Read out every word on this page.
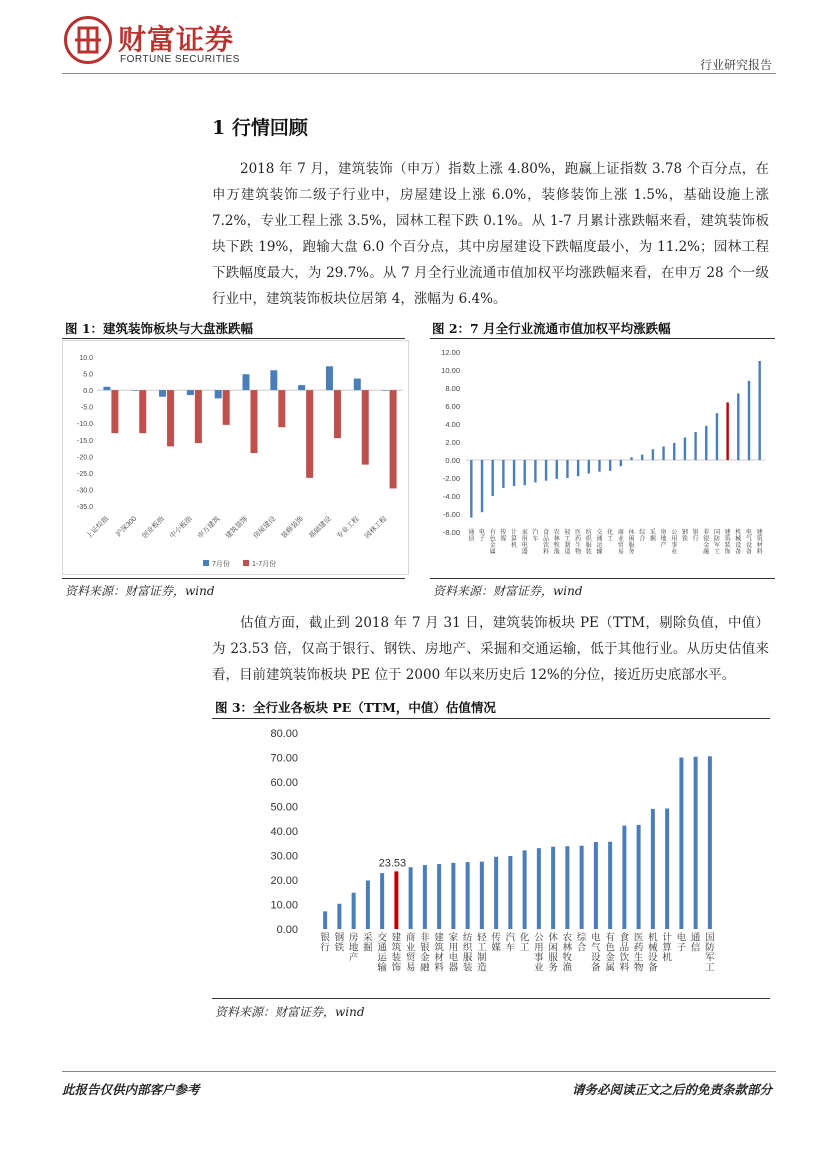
财富证券
FORTUNE SECURITIES	行业研究报告
1 行情回顾

2018 年 7 月，建筑装饰（申万）指数上涨 4.80%，跑赢上证指数 3.78 个百分点，在申万建筑装饰二级子行业中，房屋建设上涨 6.0%，装修装饰上涨 1.5%，基础设施上涨 7.2%，专业工程上涨 3.5%，园林工程下跌 0.1%。从 1-7 月累计涨跌幅来看，建筑装饰板块下跌 19%，跑输大盘 6.0 个百分点，其中房屋建设下跌幅度最小，为 11.2%；园林工程下跌幅度最大，为 29.7%。从 7 月全行业流通市值加权平均涨跌幅来看，在申万 28 个一级行业中，建筑装饰板块位居第 4，涨幅为 6.4%。

图 1：建筑装饰板块与大盘涨跌幅
10.0
5.0
0.0
-5.0
-10.0
-15.0
-20.0
-25.0
-30.0
-35.0
上证综指 沪深300 创业板指 中小板指 申万建筑 建筑装饰 房屋建设 装修装饰 基础建设 专业工程 园林工程
7月份	1-7月份
资料来源：财富证券，wind
图 2：7 月全行业流通市值加权平均涨跌幅
12.00
10.00
8.00
6.00
4.00
2.00
0.00
-2.00
-4.00
-6.00
-8.00 通信
电子
有色金属
传媒
计算机
家用电器
汽车
食品饮料
农林牧渔
轻工制造
医药生物
纺织服装
交通运输
化工
商业贸易
休闲服务
综合
采掘
房地产
公用事业
钢铁
银行
非银金融
国防军工
建筑装饰
机械设备
电气设备
建筑材料
资料来源：财富证券，wind

估值方面，截止到 2018 年 7 月 31 日，建筑装饰板块 PE（TTM，剔除负值，中值）为 23.53 倍，仅高于银行、钢铁、房地产、采掘和交通运输，低于其他行业。从历史估值来看，目前建筑装饰板块 PE 位于 2000 年以来历史后 12%的分位，接近历史底部水平。

图 3：全行业各板块 PE（TTM，中值）估值情况
80.00
70.00
60.00
50.00
40.00
30.00
20.00
10.00
0.00
银行
钢铁
房地产
采掘
交通运输
23.53
建筑装饰
商业贸易
非银金融
建筑材料
家用电器
纺织服装
轻工制造
传媒
汽车
化工
公用事业
休闲服务
农林牧渔
综合
电气设备
有色金属
食品饮料
医药生物
机械设备
计算机
电子
通信
国防军工
资料来源：财富证券，wind
此报告仅供内部客户参考	请务必阅读正文之后的免责条款部分
